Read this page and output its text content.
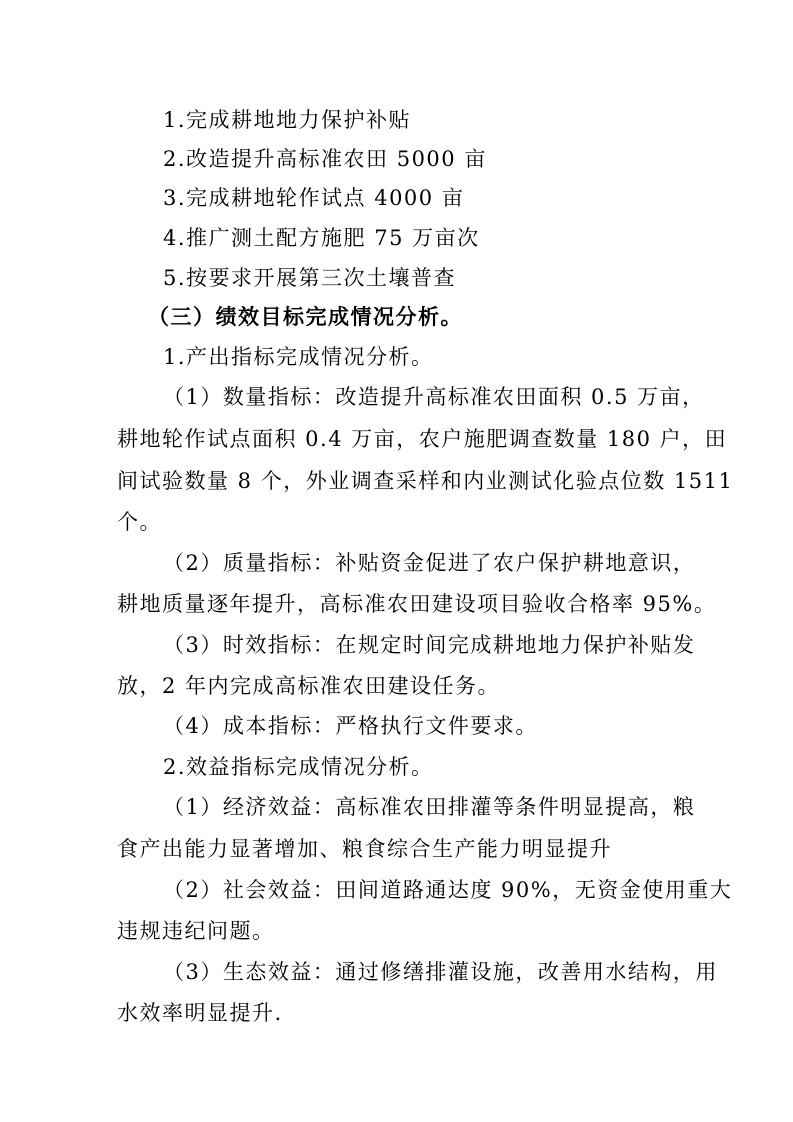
1.完成耕地地力保护补贴
2.改造提升高标准农田 5000 亩
3.完成耕地轮作试点 4000 亩
4.推广测土配方施肥 75 万亩次
5.按要求开展第三次土壤普查
（三）绩效目标完成情况分析。
1.产出指标完成情况分析。
（1）数量指标：改造提升高标准农田面积 0.5 万亩，
耕地轮作试点面积 0.4 万亩，农户施肥调查数量 180 户，田
间试验数量 8 个，外业调查采样和内业测试化验点位数 1511
个。
（2）质量指标：补贴资金促进了农户保护耕地意识，
耕地质量逐年提升，高标准农田建设项目验收合格率 95%。
（3）时效指标：在规定时间完成耕地地力保护补贴发
放，2 年内完成高标准农田建设任务。
（4）成本指标：严格执行文件要求。
2.效益指标完成情况分析。
（1）经济效益：高标准农田排灌等条件明显提高，粮
食产出能力显著增加、粮食综合生产能力明显提升
（2）社会效益：田间道路通达度 90%，无资金使用重大
违规违纪问题。
（3）生态效益：通过修缮排灌设施，改善用水结构，用
水效率明显提升.
